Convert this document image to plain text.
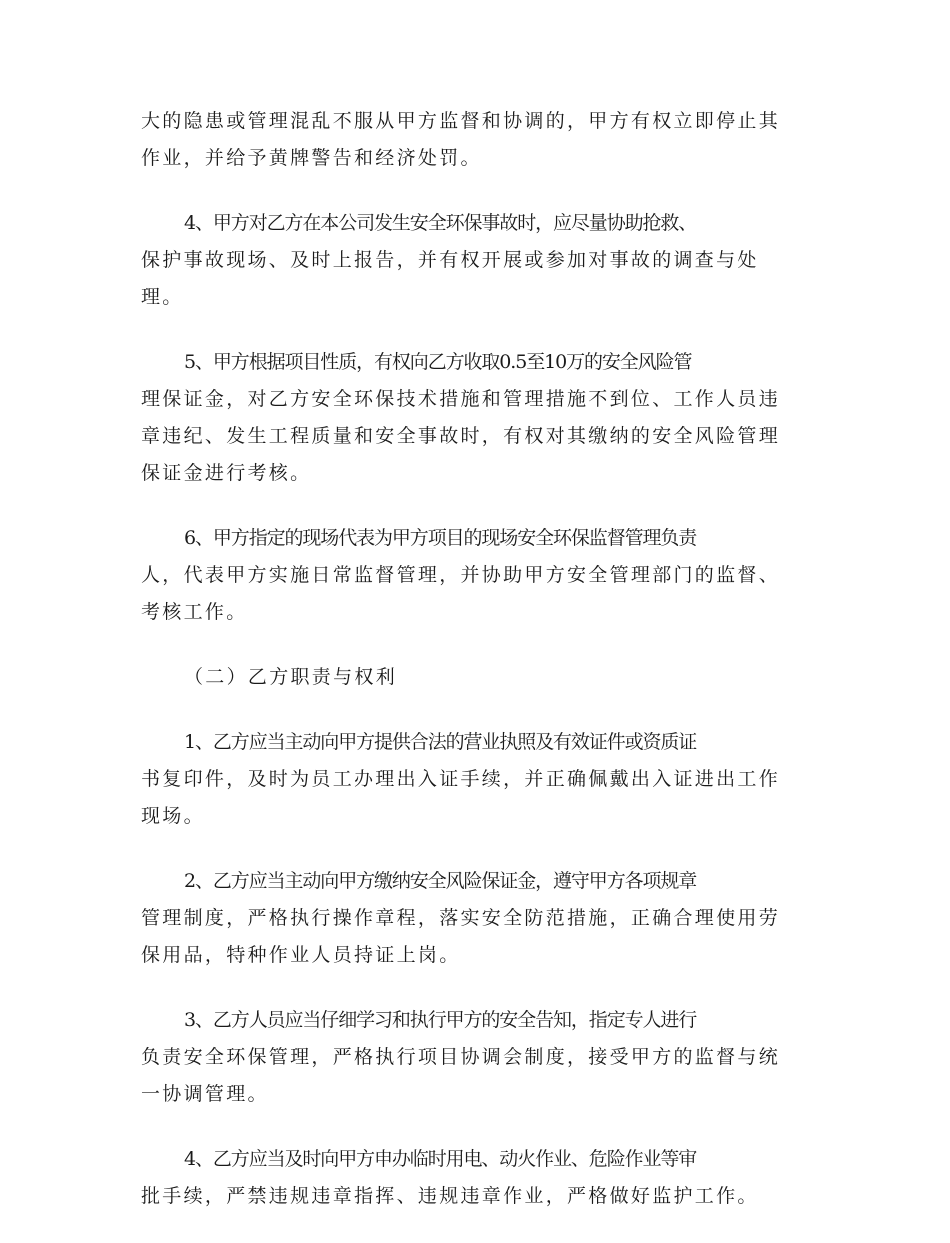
大的隐患或管理混乱不服从甲方监督和协调的，甲方有权立即停止其
作业，并给予黄牌警告和经济处罚。

4、甲方对乙方在本公司发生安全环保事故时，应尽量协助抢救、
保护事故现场、及时上报告，并有权开展或参加对事故的调查与处
理。

5、甲方根据项目性质，有权向乙方收取0.5至10万的安全风险管
理保证金，对乙方安全环保技术措施和管理措施不到位、工作人员违
章违纪、发生工程质量和安全事故时，有权对其缴纳的安全风险管理
保证金进行考核。

6、甲方指定的现场代表为甲方项目的现场安全环保监督管理负责
人，代表甲方实施日常监督管理，并协助甲方安全管理部门的监督、
考核工作。

（二）乙方职责与权利

1、乙方应当主动向甲方提供合法的营业执照及有效证件或资质证
书复印件，及时为员工办理出入证手续，并正确佩戴出入证进出工作
现场。

2、乙方应当主动向甲方缴纳安全风险保证金，遵守甲方各项规章
管理制度，严格执行操作章程，落实安全防范措施，正确合理使用劳
保用品，特种作业人员持证上岗。

3、乙方人员应当仔细学习和执行甲方的安全告知，指定专人进行
负责安全环保管理，严格执行项目协调会制度，接受甲方的监督与统
一协调管理。

4、乙方应当及时向甲方申办临时用电、动火作业、危险作业等审
批手续，严禁违规违章指挥、违规违章作业，严格做好监护工作。
